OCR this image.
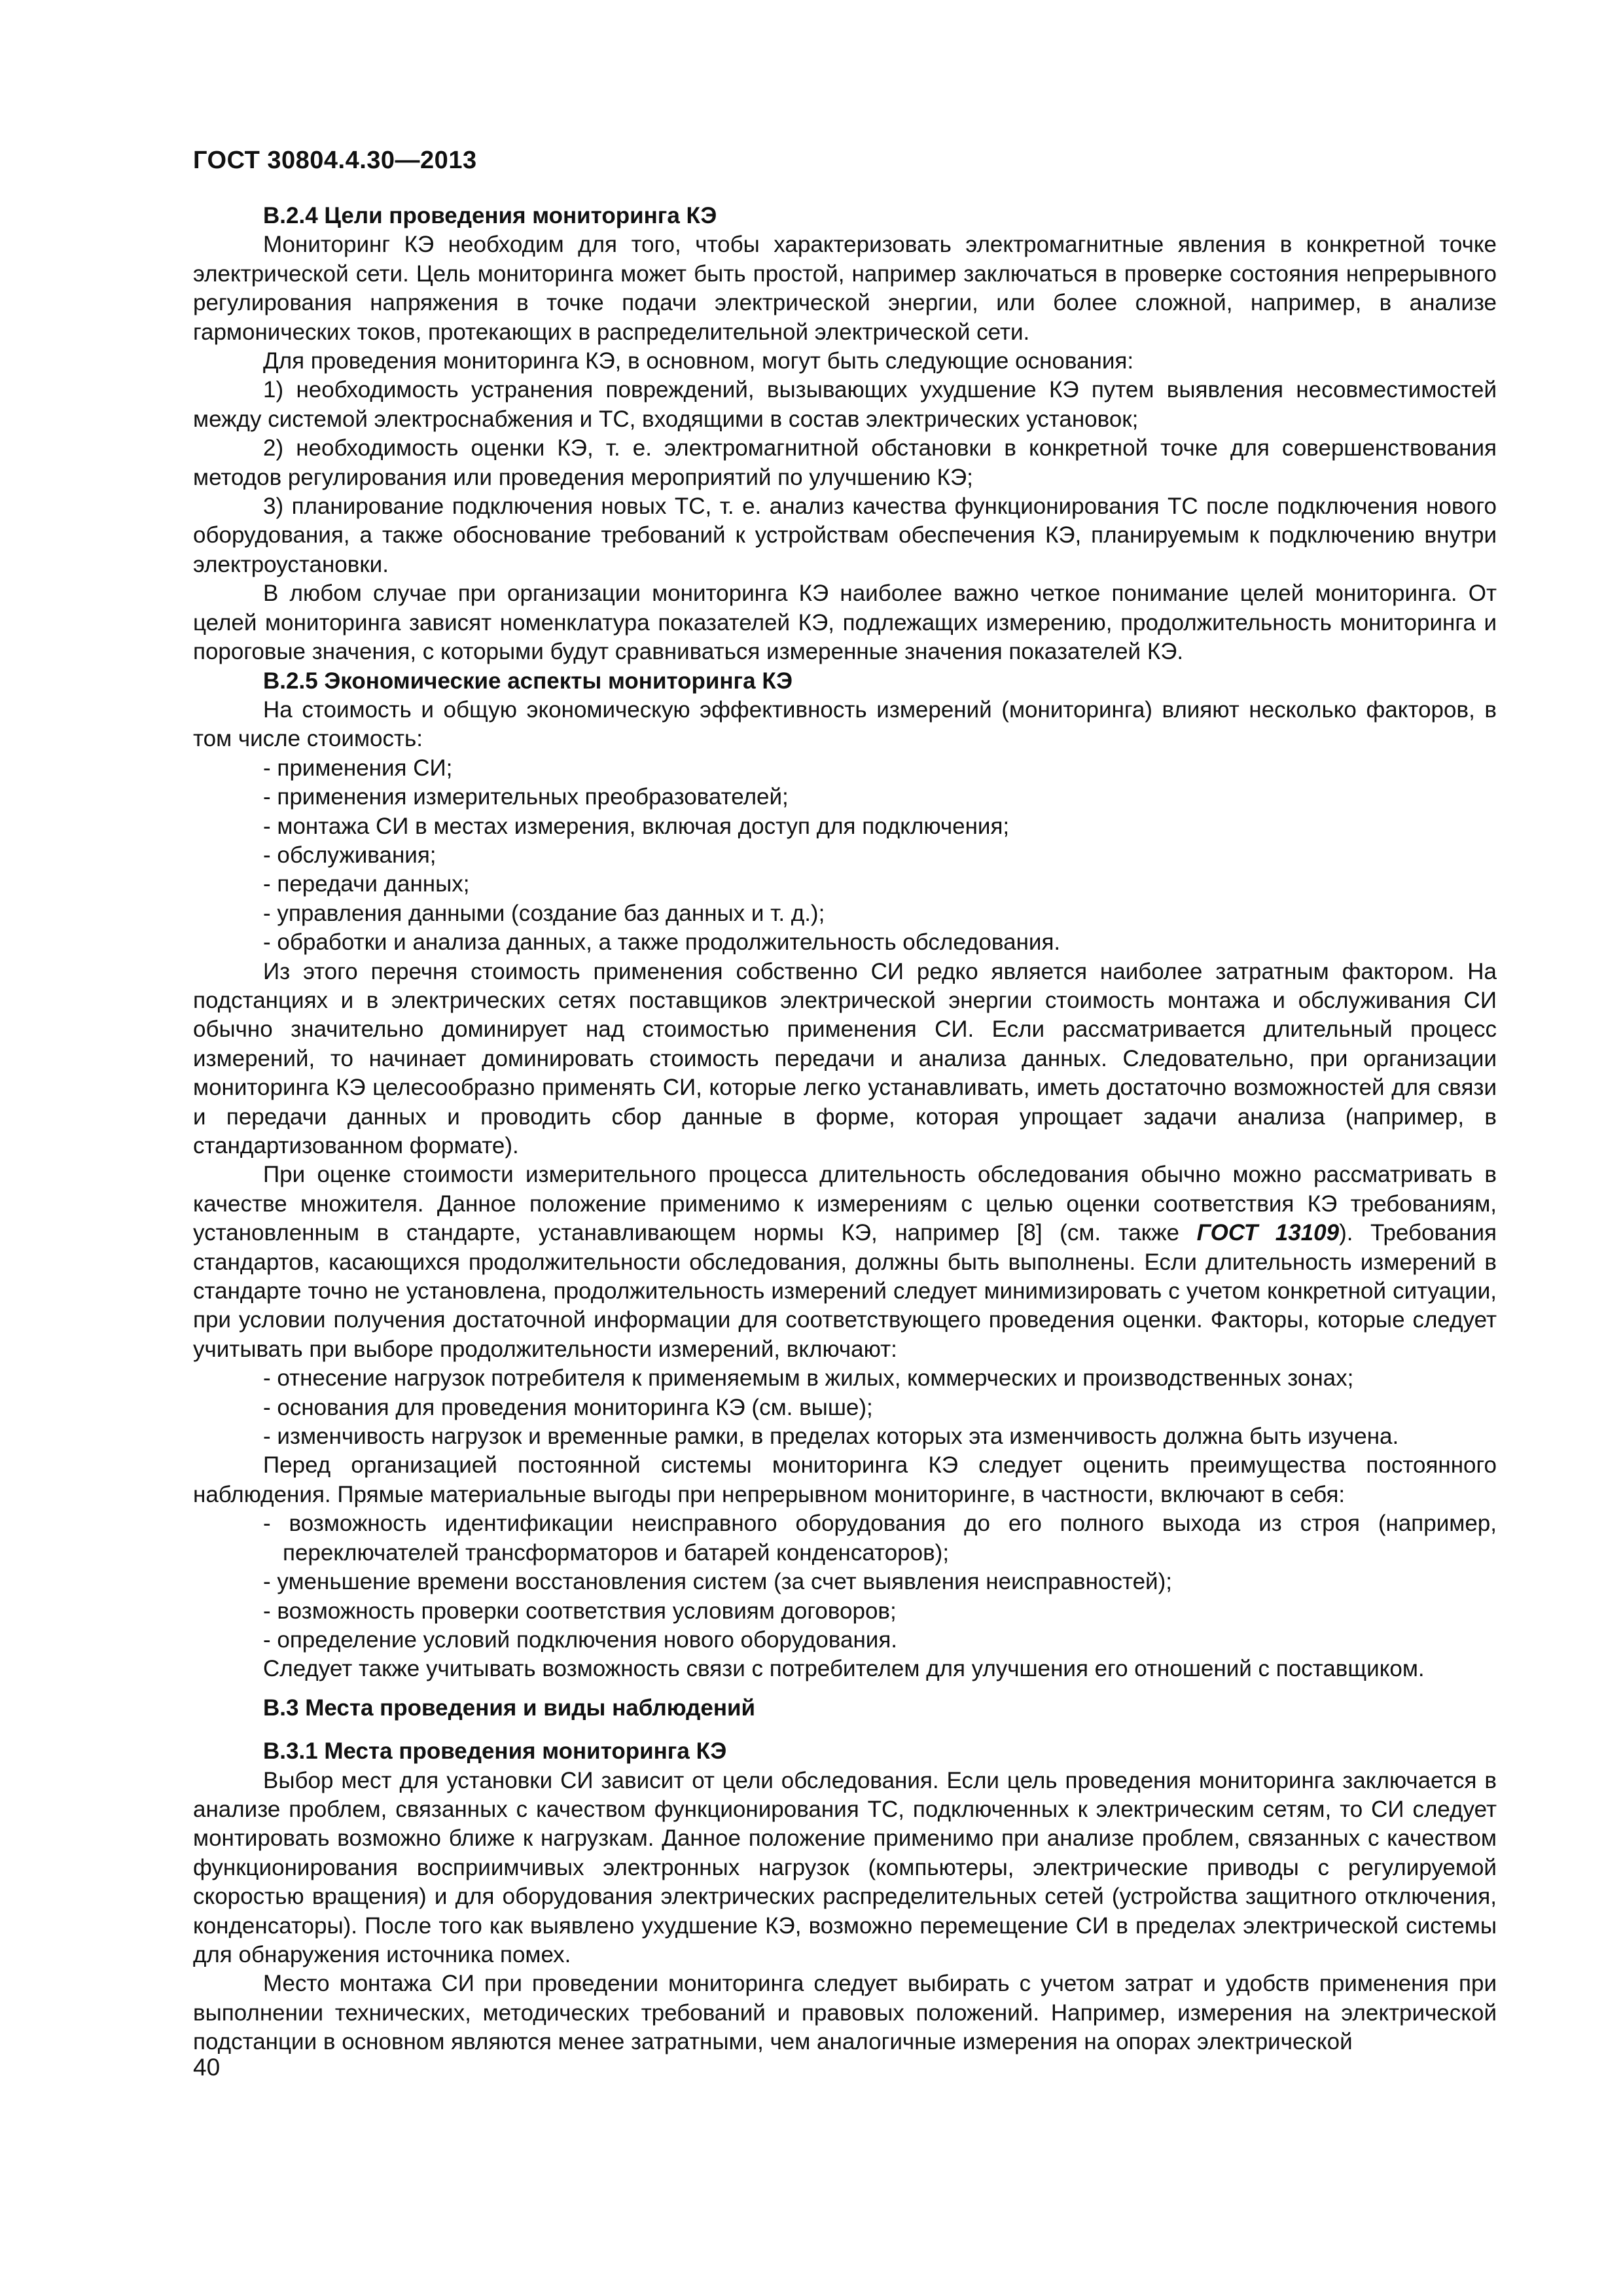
ГОСТ 30804.4.30—2013

В.2.4 Цели проведения мониторинга КЭ

Мониторинг КЭ необходим для того, чтобы характеризовать электромагнитные явления в конкретной точке электрической сети. Цель мониторинга может быть простой, например заключаться в проверке состояния непрерывного регулирования напряжения в точке подачи электрической энергии, или более сложной, например, в анализе гармонических токов, протекающих в распределительной электрической сети.

Для проведения мониторинга КЭ, в основном, могут быть следующие основания:

1) необходимость устранения повреждений, вызывающих ухудшение КЭ путем выявления несовместимостей между системой электроснабжения и ТС, входящими в состав электрических установок;

2) необходимость оценки КЭ, т. е. электромагнитной обстановки в конкретной точке для совершенствования методов регулирования или проведения мероприятий по улучшению КЭ;

3) планирование подключения новых ТС, т. е. анализ качества функционирования ТС после подключения нового оборудования, а также обоснование требований к устройствам обеспечения КЭ, планируемым к подключению внутри электроустановки.

В любом случае при организации мониторинга КЭ наиболее важно четкое понимание целей мониторинга. От целей мониторинга зависят номенклатура показателей КЭ, подлежащих измерению, продолжительность мониторинга и пороговые значения, с которыми будут сравниваться измеренные значения показателей КЭ.

В.2.5 Экономические аспекты мониторинга КЭ

На стоимость и общую экономическую эффективность измерений (мониторинга) влияют несколько факторов, в том числе стоимость:

- применения СИ;

- применения измерительных преобразователей;

- монтажа СИ в местах измерения, включая доступ для подключения;

- обслуживания;

- передачи данных;

- управления данными (создание баз данных и т. д.);

- обработки и анализа данных, а также продолжительность обследования.

Из этого перечня стоимость применения собственно СИ редко является наиболее затратным фактором. На подстанциях и в электрических сетях поставщиков электрической энергии стоимость монтажа и обслуживания СИ обычно значительно доминирует над стоимостью применения СИ. Если рассматривается длительный процесс измерений, то начинает доминировать стоимость передачи и анализа данных. Следовательно, при организации мониторинга КЭ целесообразно применять СИ, которые легко устанавливать, иметь достаточно возможностей для связи и передачи данных и проводить сбор данные в форме, которая упрощает задачи анализа (например, в стандартизованном формате).

При оценке стоимости измерительного процесса длительность обследования обычно можно рассматривать в качестве множителя. Данное положение применимо к измерениям с целью оценки соответствия КЭ требованиям, установленным в стандарте, устанавливающем нормы КЭ, например [8] (см. также ГОСТ 13109). Требования стандартов, касающихся продолжительности обследования, должны быть выполнены. Если длительность измерений в стандарте точно не установлена, продолжительность измерений следует минимизировать с учетом конкретной ситуации, при условии получения достаточной информации для соответствующего проведения оценки. Факторы, которые следует учитывать при выборе продолжительности измерений, включают:

- отнесение нагрузок потребителя к применяемым в жилых, коммерческих и производственных зонах;

- основания для проведения мониторинга КЭ (см. выше);

- изменчивость нагрузок и временные рамки, в пределах которых эта изменчивость должна быть изучена.

Перед организацией постоянной системы мониторинга КЭ следует оценить преимущества постоянного наблюдения. Прямые материальные выгоды при непрерывном мониторинге, в частности, включают в себя:

- возможность идентификации неисправного оборудования до его полного выхода из строя (например, переключателей трансформаторов и батарей конденсаторов);

- уменьшение времени восстановления систем (за счет выявления неисправностей);

- возможность проверки соответствия условиям договоров;

- определение условий подключения нового оборудования.

Следует также учитывать возможность связи с потребителем для улучшения его отношений с поставщиком.

В.3 Места проведения и виды наблюдений

В.3.1 Места проведения мониторинга КЭ

Выбор мест для установки СИ зависит от цели обследования. Если цель проведения мониторинга заключается в анализе проблем, связанных с качеством функционирования ТС, подключенных к электрическим сетям, то СИ следует монтировать возможно ближе к нагрузкам. Данное положение применимо при анализе проблем, связанных с качеством функционирования восприимчивых электронных нагрузок (компьютеры, электрические приводы с регулируемой скоростью вращения) и для оборудования электрических распределительных сетей (устройства защитного отключения, конденсаторы). После того как выявлено ухудшение КЭ, возможно перемещение СИ в пределах электрической системы для обнаружения источника помех.

Место монтажа СИ при проведении мониторинга следует выбирать с учетом затрат и удобств применения при выполнении технических, методических требований и правовых положений. Например, измерения на электрической подстанции в основном являются менее затратными, чем аналогичные измерения на опорах электрической

40
